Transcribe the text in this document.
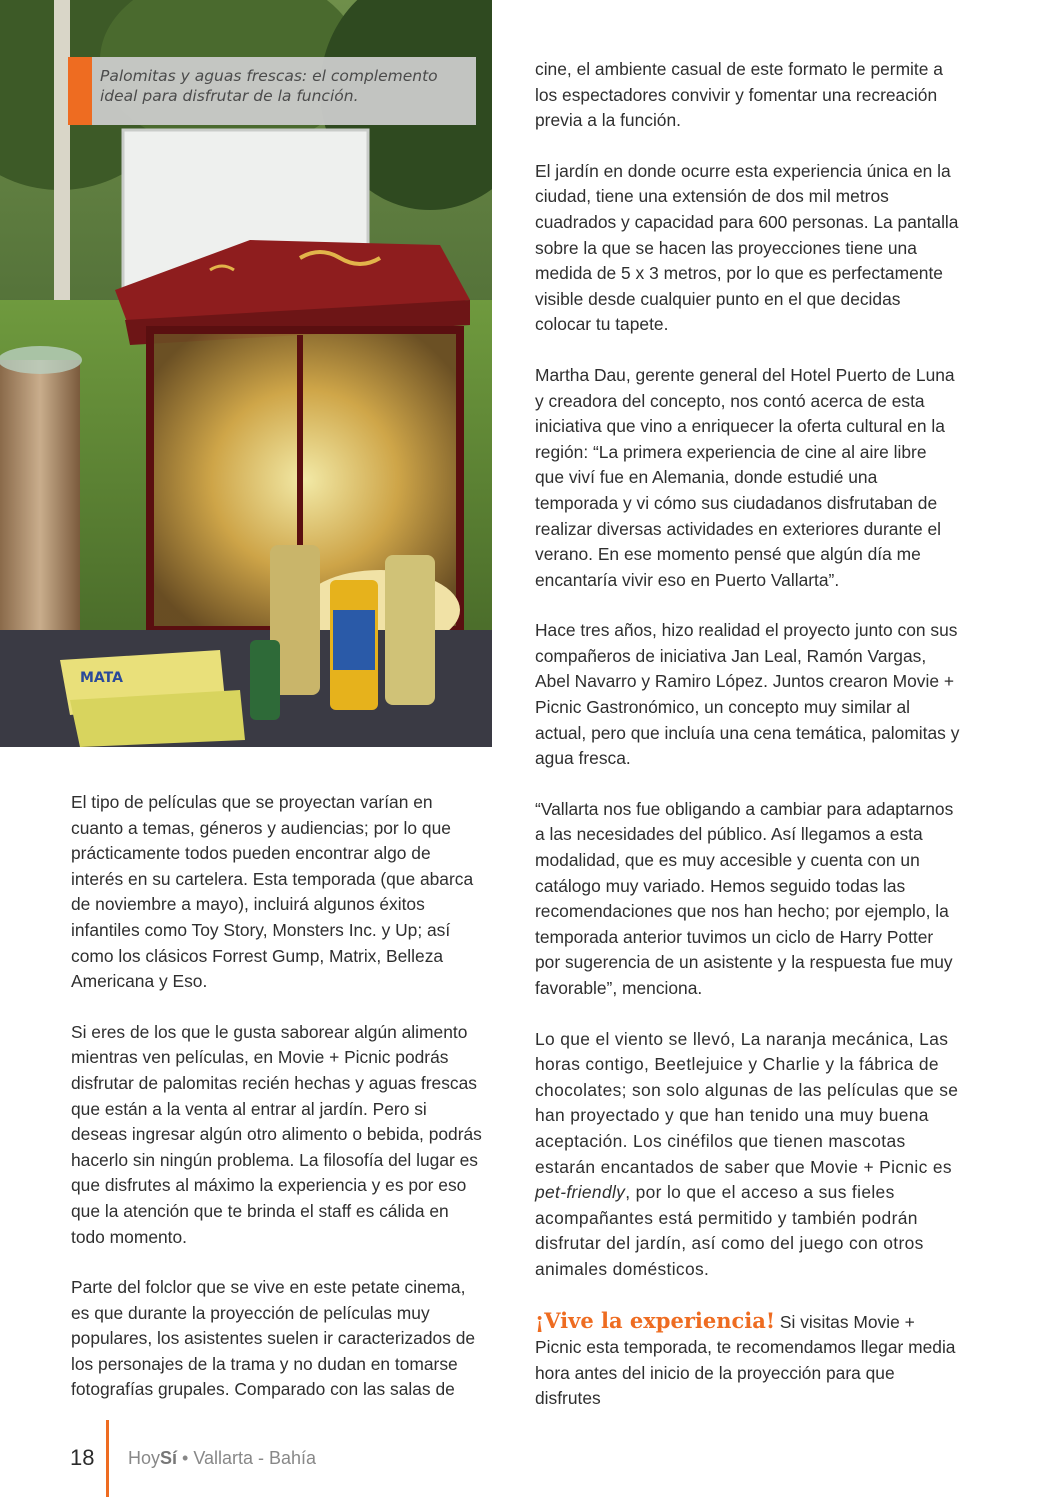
MATA
Palomitas y aguas frescas: el complemento ideal para disfrutar de la función.

El tipo de películas que se proyectan varían en cuanto a temas, géneros y audiencias; por lo que prácticamente todos pueden encontrar algo de interés en su cartelera. Esta temporada (que abarca de noviembre a mayo), incluirá algunos éxitos infantiles como Toy Story, Monsters Inc. y Up; así como los clásicos Forrest Gump, Matrix, Belleza Americana y Eso.

Si eres de los que le gusta saborear algún alimento mientras ven películas, en Movie + Picnic podrás disfrutar de palomitas recién hechas y aguas frescas que están a la venta al entrar al jardín. Pero si deseas ingresar algún otro alimento o bebida, podrás hacerlo sin ningún problema. La filosofía del lugar es que disfrutes al máximo la experiencia y es por eso que la atención que te brinda el staff es cálida en todo momento.

Parte del folclor que se vive en este petate cinema, es que durante la proyección de películas muy populares, los asistentes suelen ir caracterizados de los personajes de la trama y no dudan en tomarse fotografías grupales. Comparado con las salas de

cine, el ambiente casual de este formato le permite a los espectadores convivir y fomentar una recreación previa a la función.

El jardín en donde ocurre esta experiencia única en la ciudad, tiene una extensión de dos mil metros cuadrados y capacidad para 600 personas. La pantalla sobre la que se hacen las proyecciones tiene una medida de 5 x 3 metros, por lo que es perfectamente visible desde cualquier punto en el que decidas colocar tu tapete.

Martha Dau, gerente general del Hotel Puerto de Luna y creadora del concepto, nos contó acerca de esta iniciativa que vino a enriquecer la oferta cultural en la región: “La primera experiencia de cine al aire libre que viví fue en Alemania, donde estudié una temporada y vi cómo sus ciudadanos disfrutaban de realizar diversas actividades en exteriores durante el verano. En ese momento pensé que algún día me encantaría vivir eso en Puerto Vallarta”.

Hace tres años, hizo realidad el proyecto junto con sus compañeros de iniciativa Jan Leal, Ramón Vargas, Abel Navarro y Ramiro López. Juntos crearon Movie + Picnic Gastronómico, un concepto muy similar al actual, pero que incluía una cena temática, palomitas y agua fresca.

“Vallarta nos fue obligando a cambiar para adaptarnos a las necesidades del público. Así llegamos a esta modalidad, que es muy accesible y cuenta con un catálogo muy variado. Hemos seguido todas las recomendaciones que nos han hecho; por ejemplo, la temporada anterior tuvimos un ciclo de Harry Potter por sugerencia de un asistente y la respuesta fue muy favorable”, menciona.

Lo que el viento se llevó, La naranja mecánica, Las horas contigo, Beetlejuice y Charlie y la fábrica de chocolates; son solo algunas de las películas que se han proyectado y que han tenido una muy buena aceptación. Los cinéfilos que tienen mascotas estarán encantados de saber que Movie + Picnic es pet-friendly, por lo que el acceso a sus fieles acompañantes está permitido y también podrán disfrutar del jardín, así como del juego con otros animales domésticos.

¡Vive la experiencia! Si visitas Movie + Picnic esta temporada, te recomendamos llegar media hora antes del inicio de la proyección para que disfrutes

18 HoySí • Vallarta - Bahía
